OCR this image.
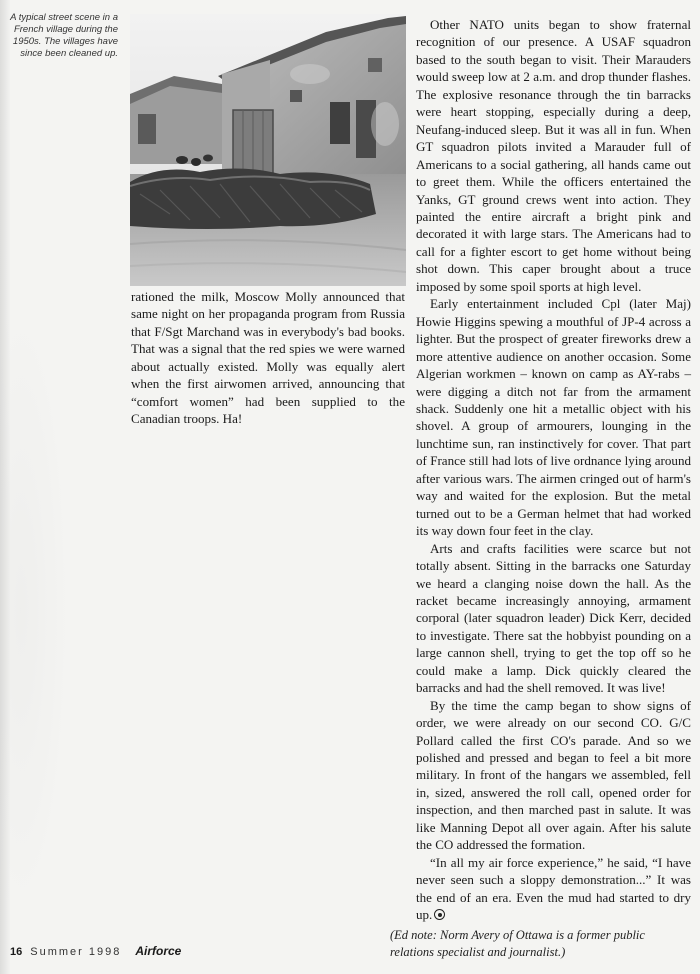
A typical street scene in a French village during the 1950s. The villages have since been cleaned up.

rationed the milk, Moscow Molly announced that same night on her propaganda program from Russia that F/Sgt Marchand was in everybody's bad books. That was a signal that the red spies we were warned about actually existed. Molly was equally alert when the first airwomen arrived, announcing that “comfort women” had been supplied to the Canadian troops. Ha!

Other NATO units began to show fraternal recognition of our presence. A USAF squadron based to the south began to visit. Their Marauders would sweep low at 2 a.m. and drop thunder flashes. The explosive resonance through the tin barracks were heart stopping, especially during a deep, Neufang-induced sleep. But it was all in fun. When GT squadron pilots invited a Marauder full of Americans to a social gathering, all hands came out to greet them. While the officers entertained the Yanks, GT ground crews went into action. They painted the entire aircraft a bright pink and decorated it with large stars. The Americans had to call for a fighter escort to get home without being shot down. This caper brought about a truce imposed by some spoil sports at high level.

Early entertainment included Cpl (later Maj) Howie Higgins spewing a mouthful of JP-4 across a lighter. But the prospect of greater fireworks drew a more attentive audience on another occasion. Some Algerian workmen – known on camp as AY-rabs – were digging a ditch not far from the armament shack. Suddenly one hit a metallic object with his shovel. A group of armourers, lounging in the lunchtime sun, ran instinctively for cover. That part of France still had lots of live ordnance lying around after various wars. The airmen cringed out of harm's way and waited for the explosion. But the metal turned out to be a German helmet that had worked its way down four feet in the clay.

Arts and crafts facilities were scarce but not totally absent. Sitting in the barracks one Saturday we heard a clanging noise down the hall. As the racket became increasingly annoying, armament corporal (later squadron leader) Dick Kerr, decided to investigate. There sat the hobbyist pounding on a large cannon shell, trying to get the top off so he could make a lamp. Dick quickly cleared the barracks and had the shell removed. It was live!

By the time the camp began to show signs of order, we were already on our second CO. G/C Pollard called the first CO's parade. And so we polished and pressed and began to feel a bit more military. In front of the hangars we assembled, fell in, sized, answered the roll call, opened order for inspection, and then marched past in salute. It was like Manning Depot all over again. After his salute the CO addressed the formation.

“In all my air force experience,” he said, “I have never seen such a sloppy demonstration...” It was the end of an era. Even the mud had started to dry up.

(Ed note: Norm Avery of Ottawa is a former public relations specialist and journalist.)
16 Summer 1998 Airforce
